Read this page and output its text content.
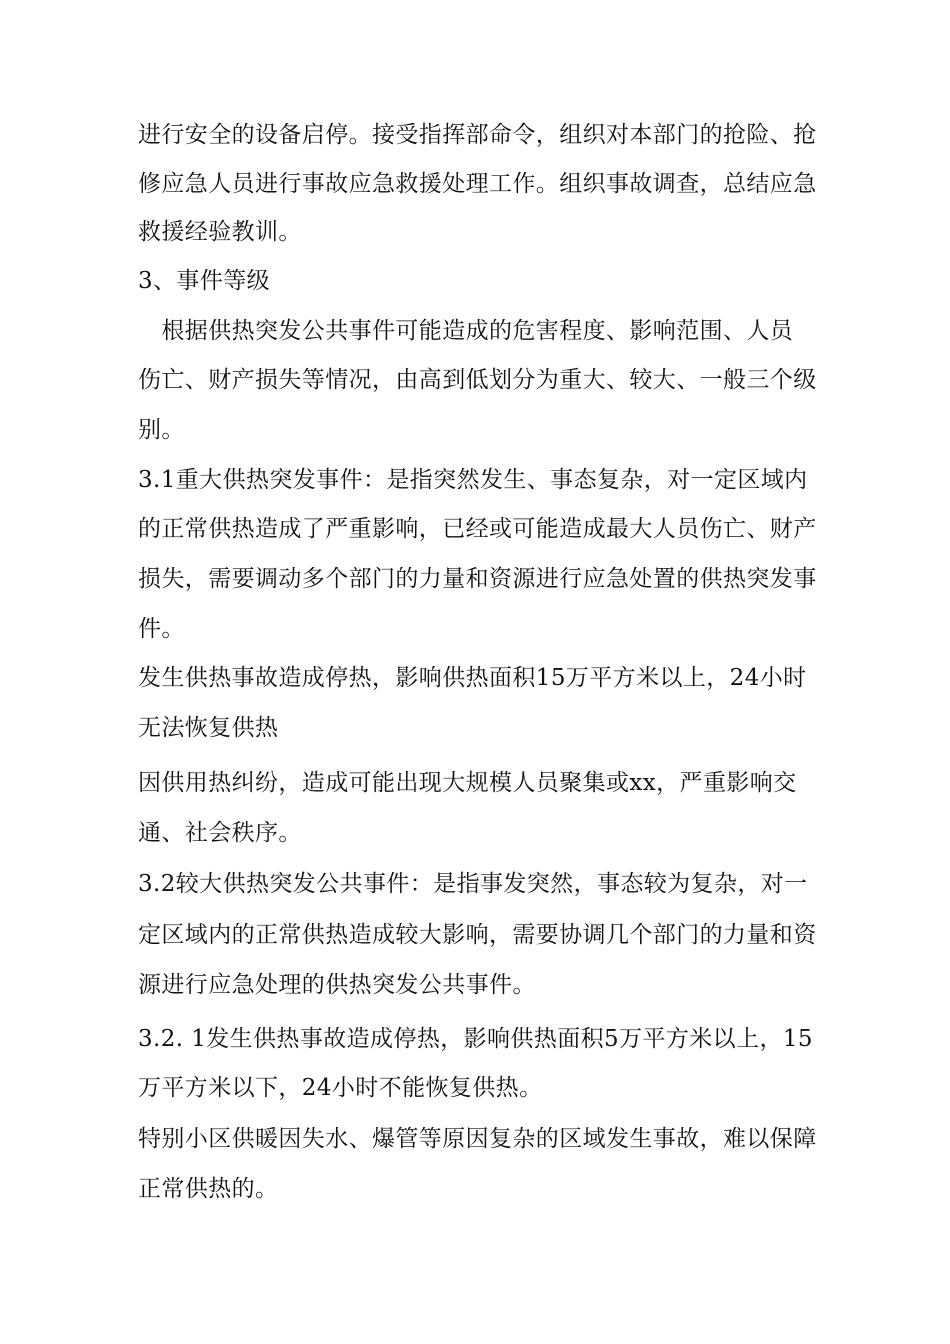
进行安全的设备启停。接受指挥部命令，组织对本部门的抢险、抢
修应急人员进行事故应急救援处理工作。组织事故调查，总结应急
救援经验教训。
3、事件等级
　根据供热突发公共事件可能造成的危害程度、影响范围、人员
伤亡、财产损失等情况，由高到低划分为重大、较大、一般三个级
别。
3.1重大供热突发事件：是指突然发生、事态复杂，对一定区域内
的正常供热造成了严重影响，已经或可能造成最大人员伤亡、财产
损失，需要调动多个部门的力量和资源进行应急处置的供热突发事
件。
发生供热事故造成停热，影响供热面积15万平方米以上，24小时
无法恢复供热
因供用热纠纷，造成可能出现大规模人员聚集或xx，严重影响交
通、社会秩序。
3.2较大供热突发公共事件：是指事发突然，事态较为复杂，对一
定区域内的正常供热造成较大影响，需要协调几个部门的力量和资
源进行应急处理的供热突发公共事件。
3.2. 1发生供热事故造成停热，影响供热面积5万平方米以上，15
万平方米以下，24小时不能恢复供热。
特别小区供暖因失水、爆管等原因复杂的区域发生事故，难以保障
正常供热的。
